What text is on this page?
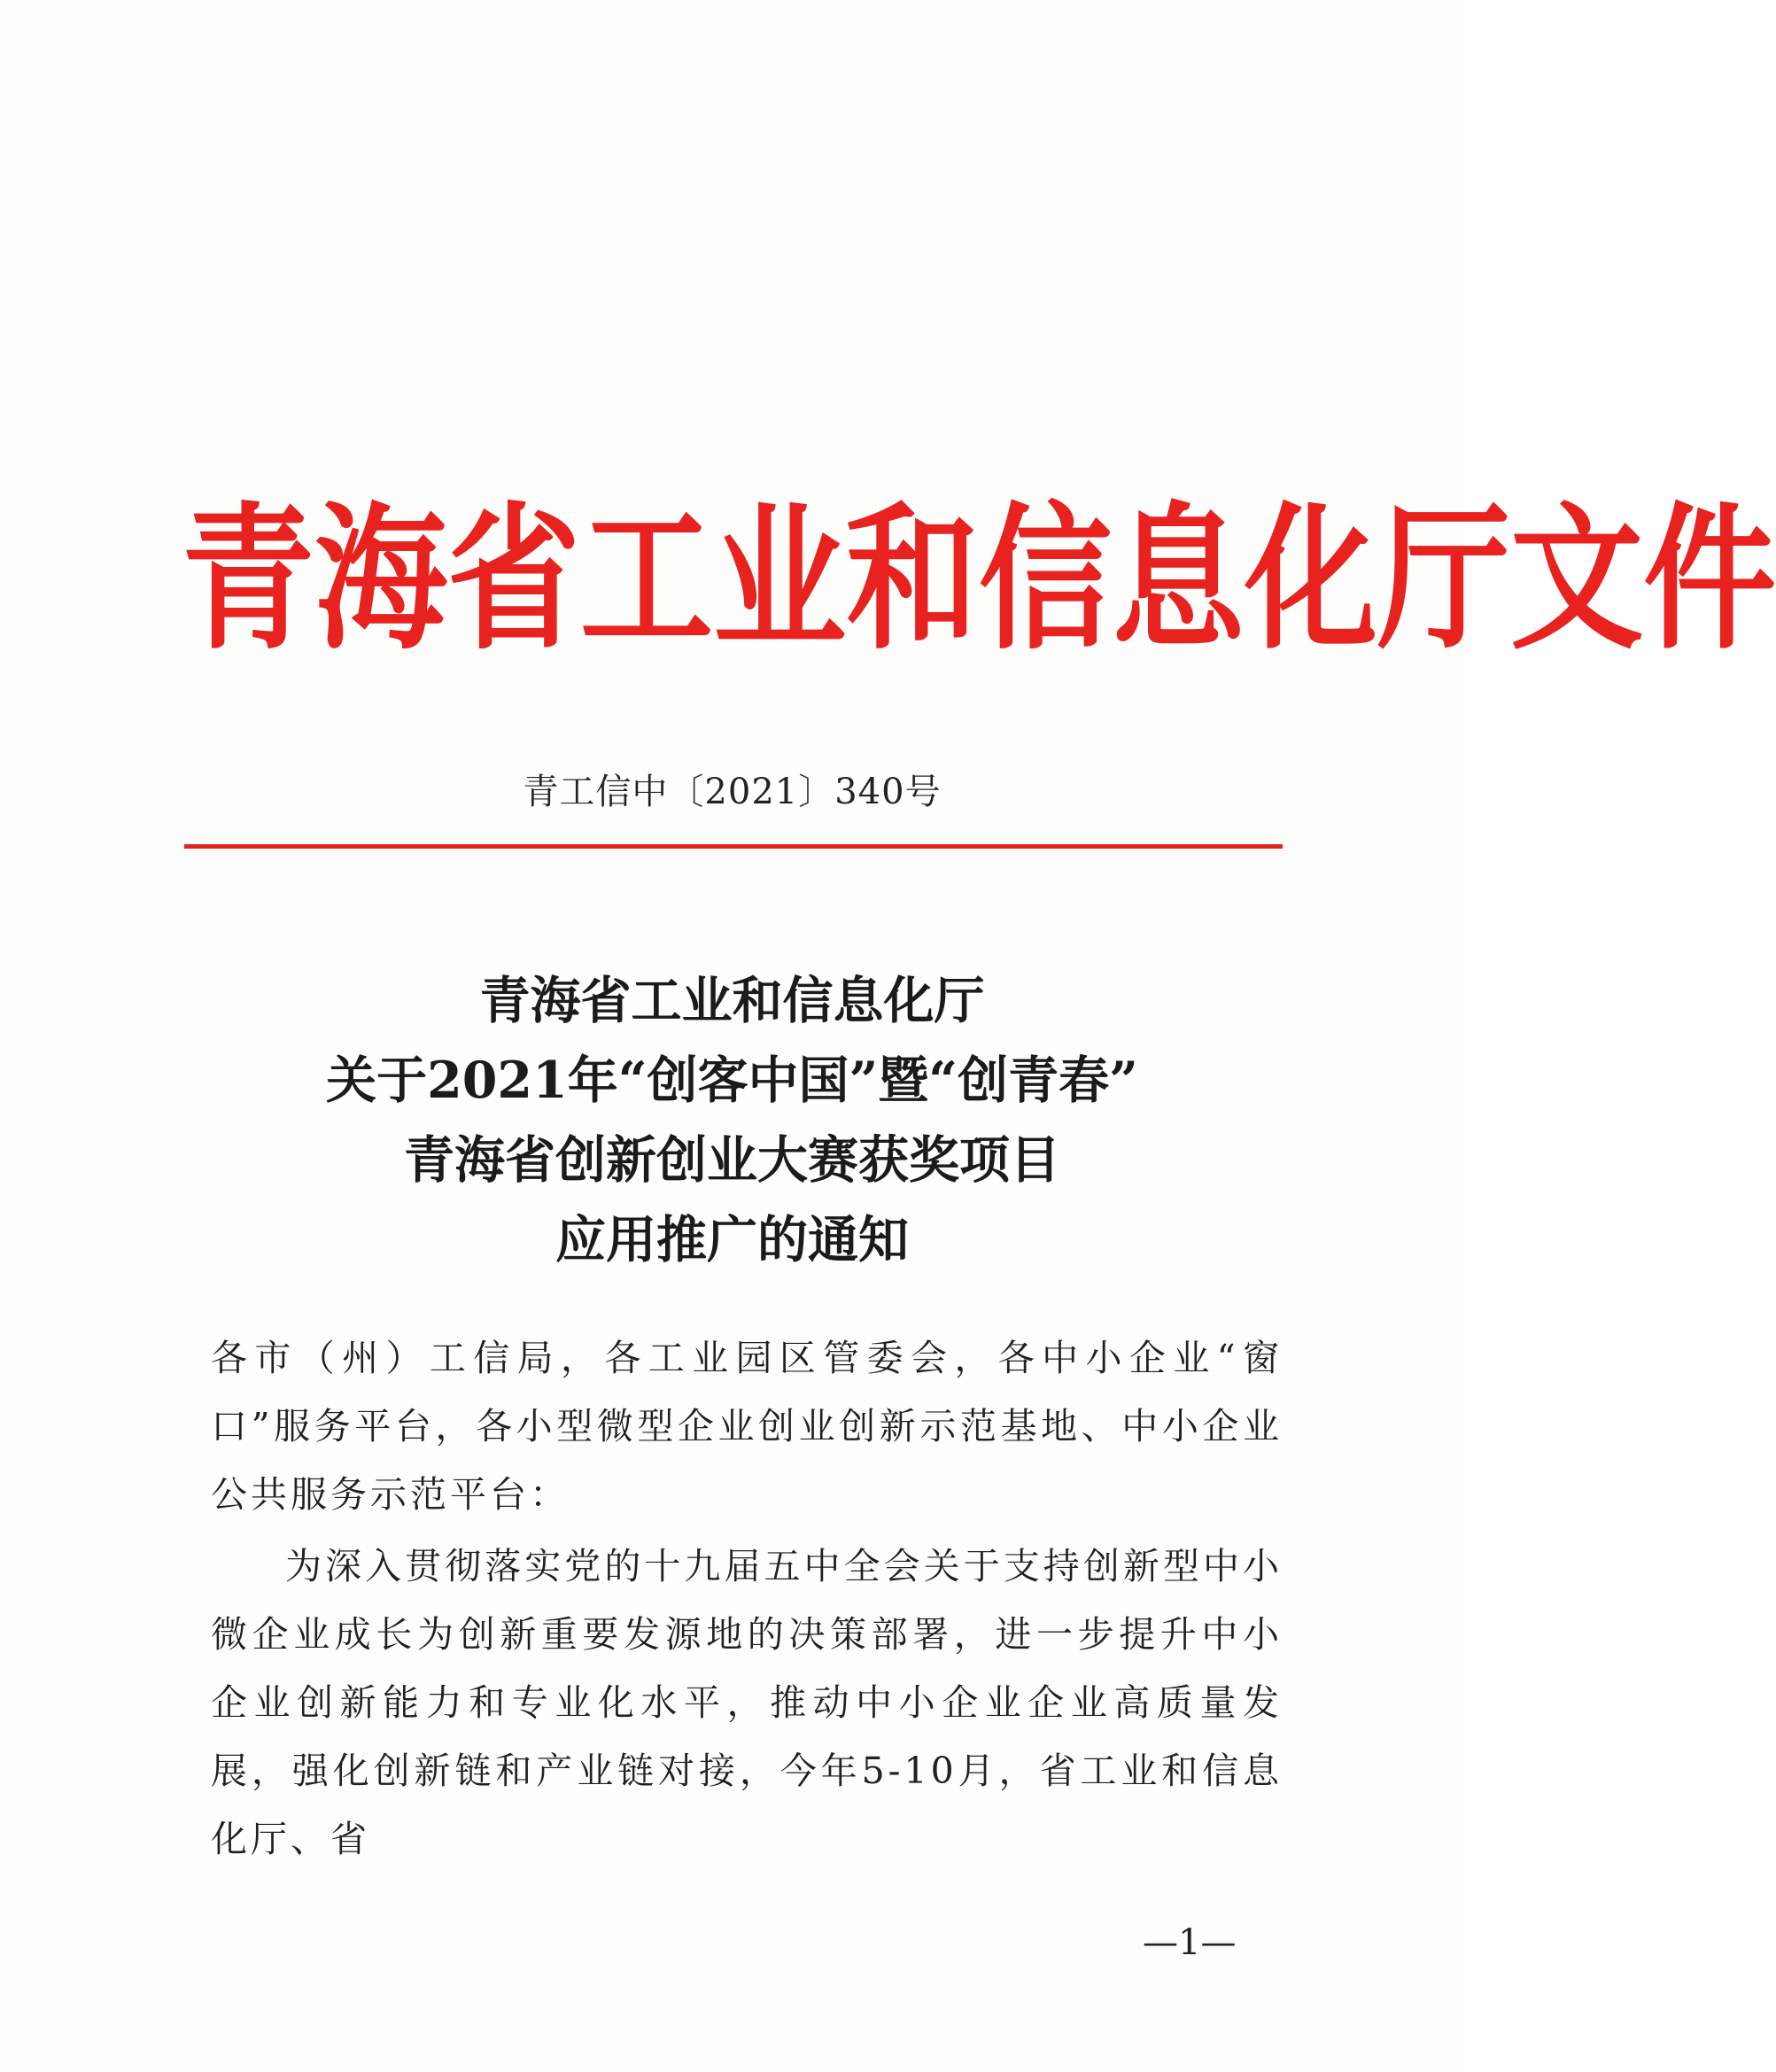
青 海 省 工 业 和 信 息 化 厅 文 件
青工信中〔2021〕340号
青海省工业和信息化厅
关于2021年“创客中国”暨“创青春”
青海省创新创业大赛获奖项目
应用推广的通知

各市（州）工信局，各工业园区管委会，各中小企业“窗口”服务平台，各小型微型企业创业创新示范基地、中小企业公共服务示范平台：

为深入贯彻落实党的十九届五中全会关于支持创新型中小微企业成长为创新重要发源地的决策部署，进一步提升中小企业创新能力和专业化水平，推动中小企业企业高质量发展，强化创新链和产业链对接，今年5-10月，省工业和信息化厅、省

—1—
